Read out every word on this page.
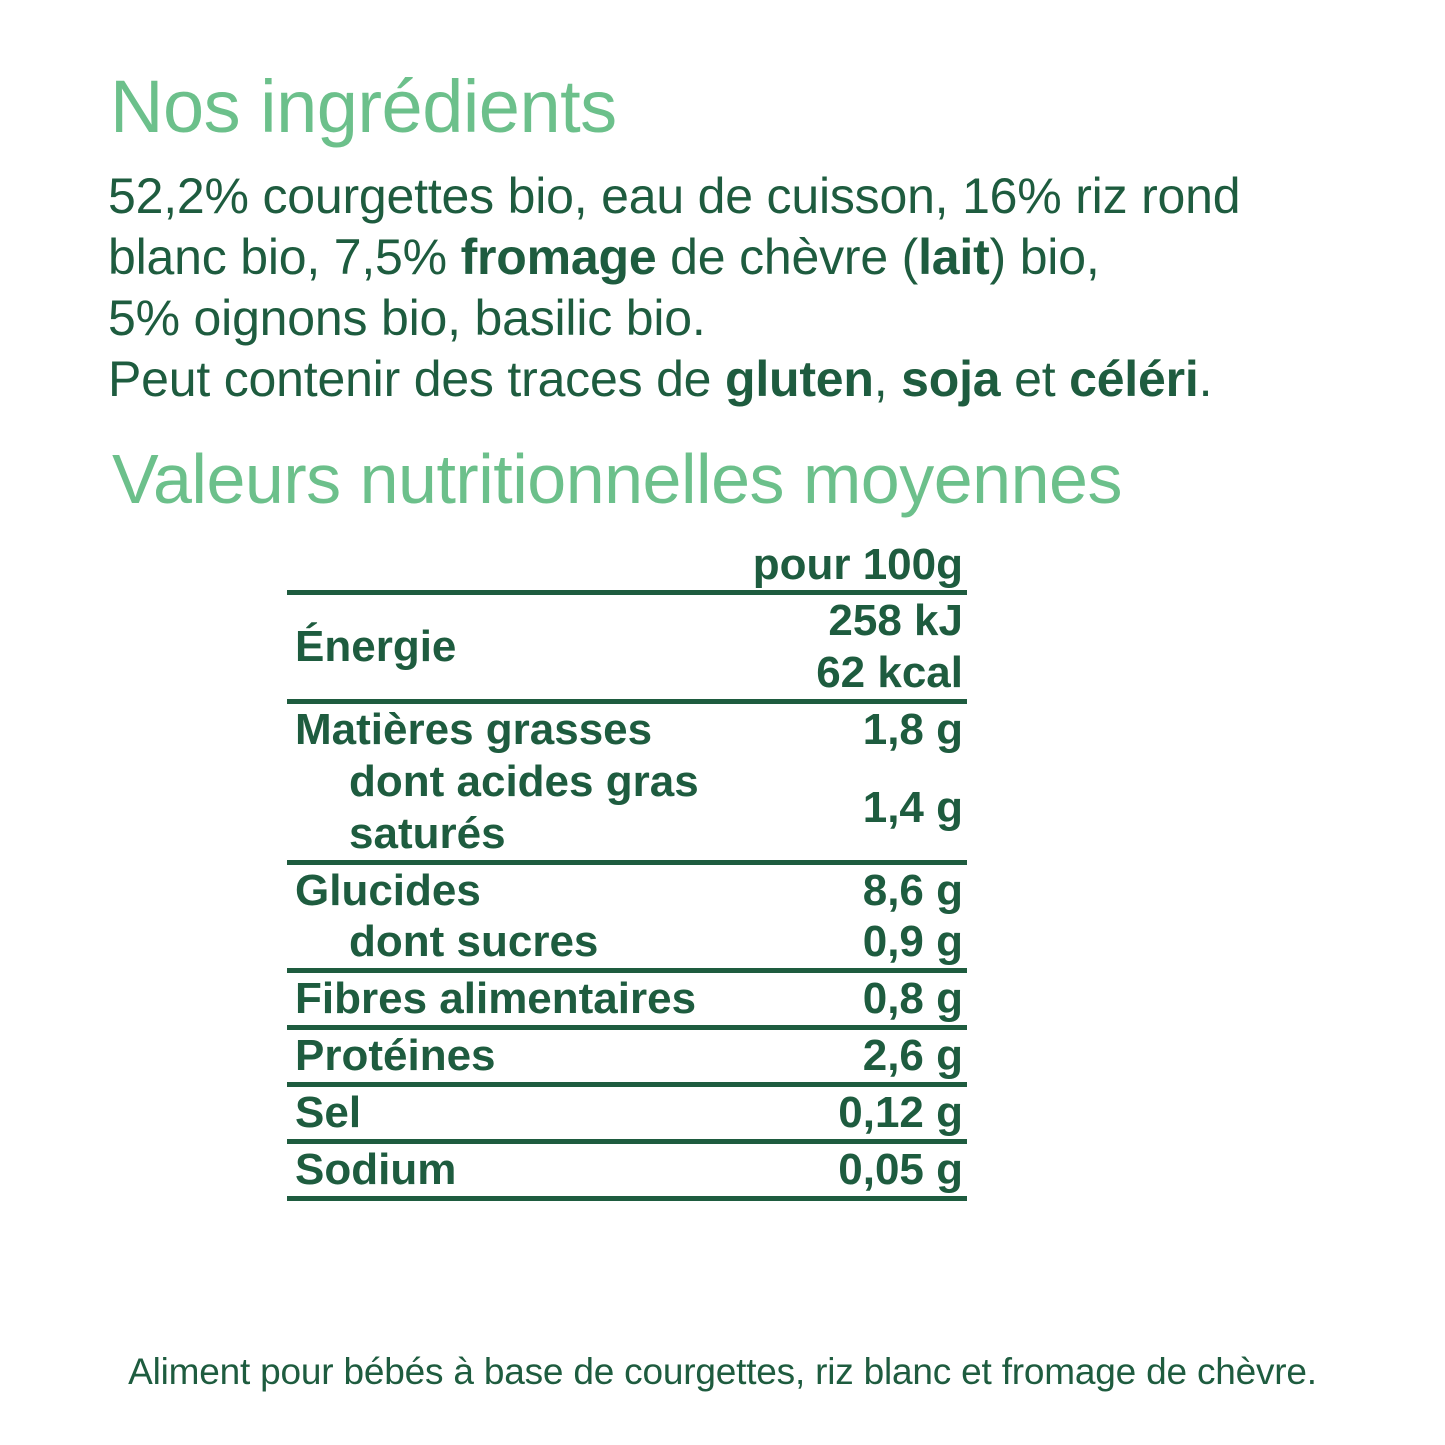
Nos ingrédients
52,2% courgettes bio, eau de cuisson, 16% riz rond
blanc bio, 7,5% fromage de chèvre (lait) bio,
5% oignons bio, basilic bio.
Peut contenir des traces de gluten, soja et céléri.
Valeurs nutritionnelles moyennes
	pour 100g

Énergie	258 kJ
	62 kcal

Matières grasses	1,8 g
dont acides gras saturés	1,4 g

Glucides	8,6 g
dont sucres	0,9 g

Fibres alimentaires	0,8 g

Protéines	2,6 g

Sel	0,12 g

Sodium	0,05 g

Aliment pour bébés à base de courgettes, riz blanc et fromage de chèvre.
